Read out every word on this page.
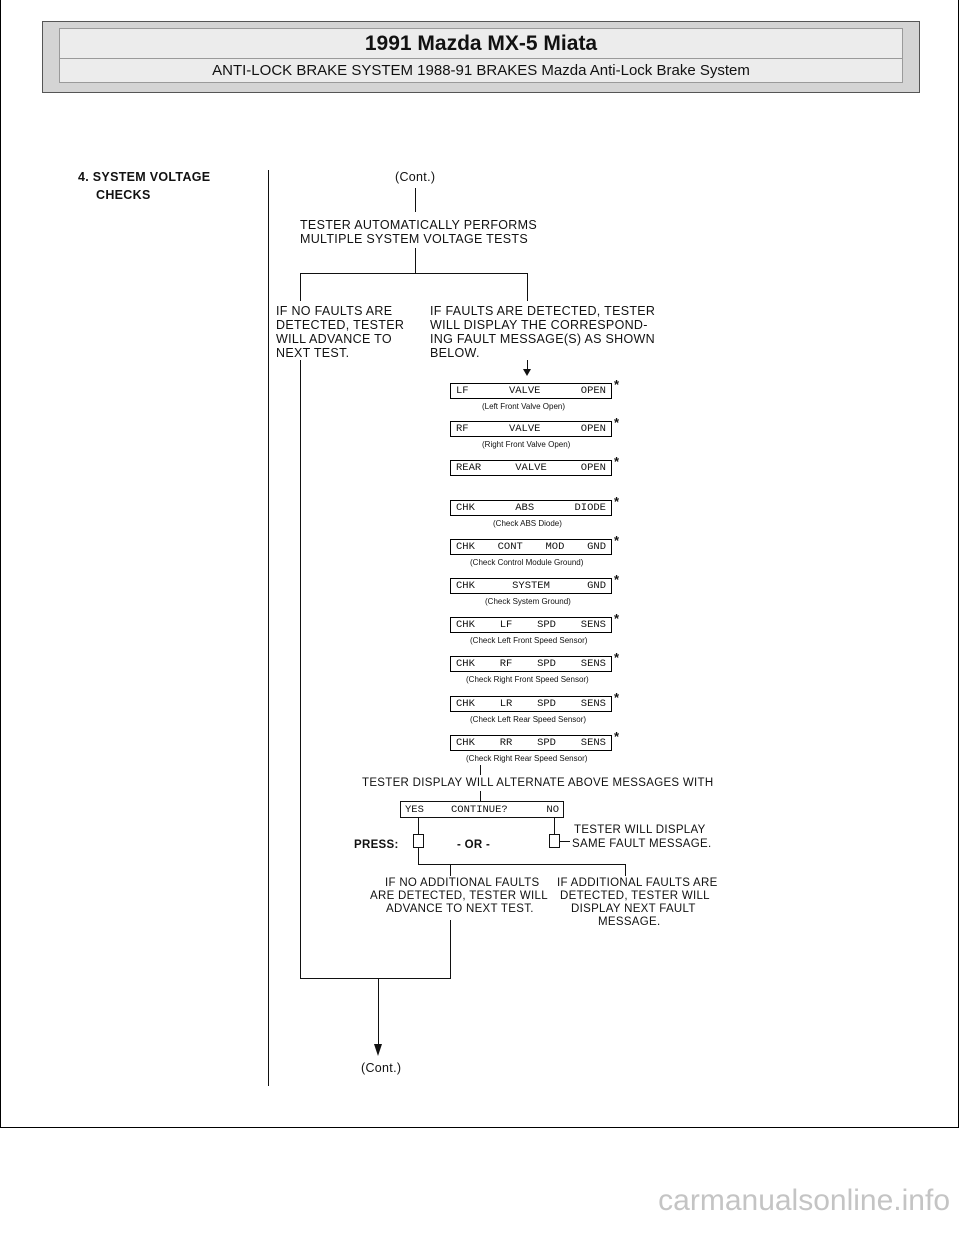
1991 Mazda MX-5 Miata
ANTI-LOCK BRAKE SYSTEM 1988-91 BRAKES Mazda Anti-Lock Brake System
4. SYSTEM VOLTAGE
CHECKS
(Cont.)
TESTER AUTOMATICALLY PERFORMS
MULTIPLE SYSTEM VOLTAGE TESTS
IF NO FAULTS ARE
DETECTED, TESTER
WILL ADVANCE TO
NEXT TEST.
IF FAULTS ARE DETECTED, TESTER
WILL DISPLAY THE CORRESPOND-
ING FAULT MESSAGE(S) AS SHOWN
BELOW.
LF	VALVE	OPEN *
(Left Front Valve Open)
RF	VALVE	OPEN *
(Right Front Valve Open)
REAR	VALVE	OPEN *
CHK	ABS	DIODE *
(Check ABS Diode)
CHK CONT MOD GND *
(Check Control Module Ground)
CHK	SYSTEM	GND *
(Check System Ground)
CHK LF SPD SENS *
(Check Left Front Speed Sensor)
CHK RF SPD SENS *
(Check Right Front Speed Sensor)
CHK LR SPD SENS *
(Check Left Rear Speed Sensor)
CHK RR SPD SENS *
(Check Right Rear Speed Sensor)
TESTER DISPLAY WILL ALTERNATE ABOVE MESSAGES WITH
YES	CONTINUE?	NO
PRESS:	- OR -
TESTER WILL DISPLAY
SAME FAULT MESSAGE.
IF NO ADDITIONAL FAULTS
ARE DETECTED, TESTER WILL
ADVANCE TO NEXT TEST.
IF ADDITIONAL FAULTS ARE
DETECTED, TESTER WILL
DISPLAY NEXT FAULT
MESSAGE.
(Cont.)
carmanualsonline.info
